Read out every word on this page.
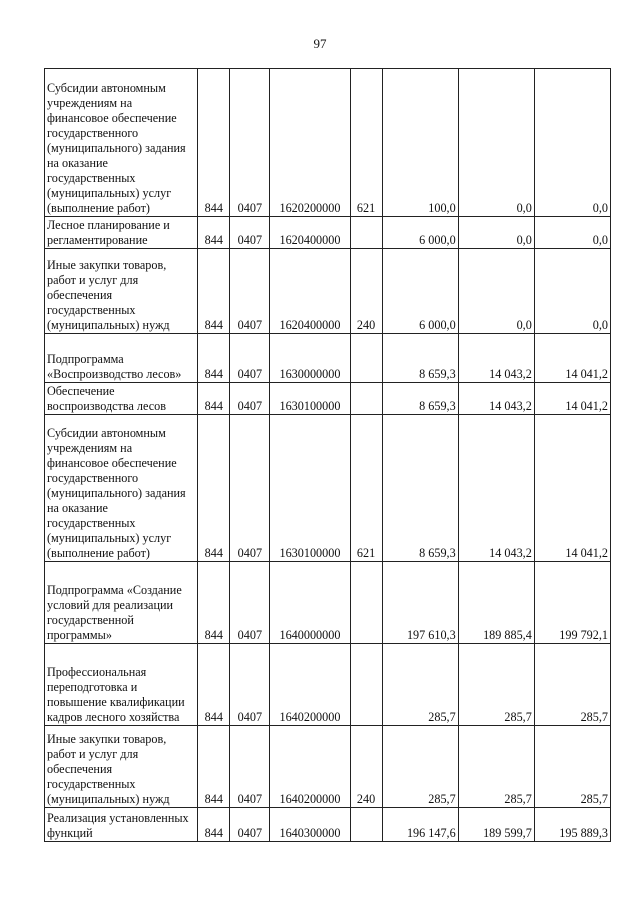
97
Субсидии автономным учреждениям на финансовое обеспечение государственного (муниципального) задания на оказание государственных (муниципальных) услуг (выполнение работ)	844	0407	1620200000	621	100,0	0,0	0,0
Лесное планирование и регламентирование	844	0407	1620400000		6 000,0	0,0	0,0
Иные закупки товаров, работ и услуг для обеспечения государственных (муниципальных) нужд	844	0407	1620400000	240	6 000,0	0,0	0,0
Подпрограмма «Воспроизводство лесов»	844	0407	1630000000		8 659,3	14 043,2	14 041,2
Обеспечение воспроизводства лесов	844	0407	1630100000		8 659,3	14 043,2	14 041,2
Субсидии автономным учреждениям на финансовое обеспечение государственного (муниципального) задания на оказание государственных (муниципальных) услуг (выполнение работ)	844	0407	1630100000	621	8 659,3	14 043,2	14 041,2
Подпрограмма «Создание условий для реализации государственной программы»	844	0407	1640000000		197 610,3	189 885,4	199 792,1
Профессиональная переподготовка и повышение квалификации кадров лесного хозяйства	844	0407	1640200000		285,7	285,7	285,7
Иные закупки товаров, работ и услуг для обеспечения государственных (муниципальных) нужд	844	0407	1640200000	240	285,7	285,7	285,7
Реализация установленных функций	844	0407	1640300000		196 147,6	189 599,7	195 889,3
